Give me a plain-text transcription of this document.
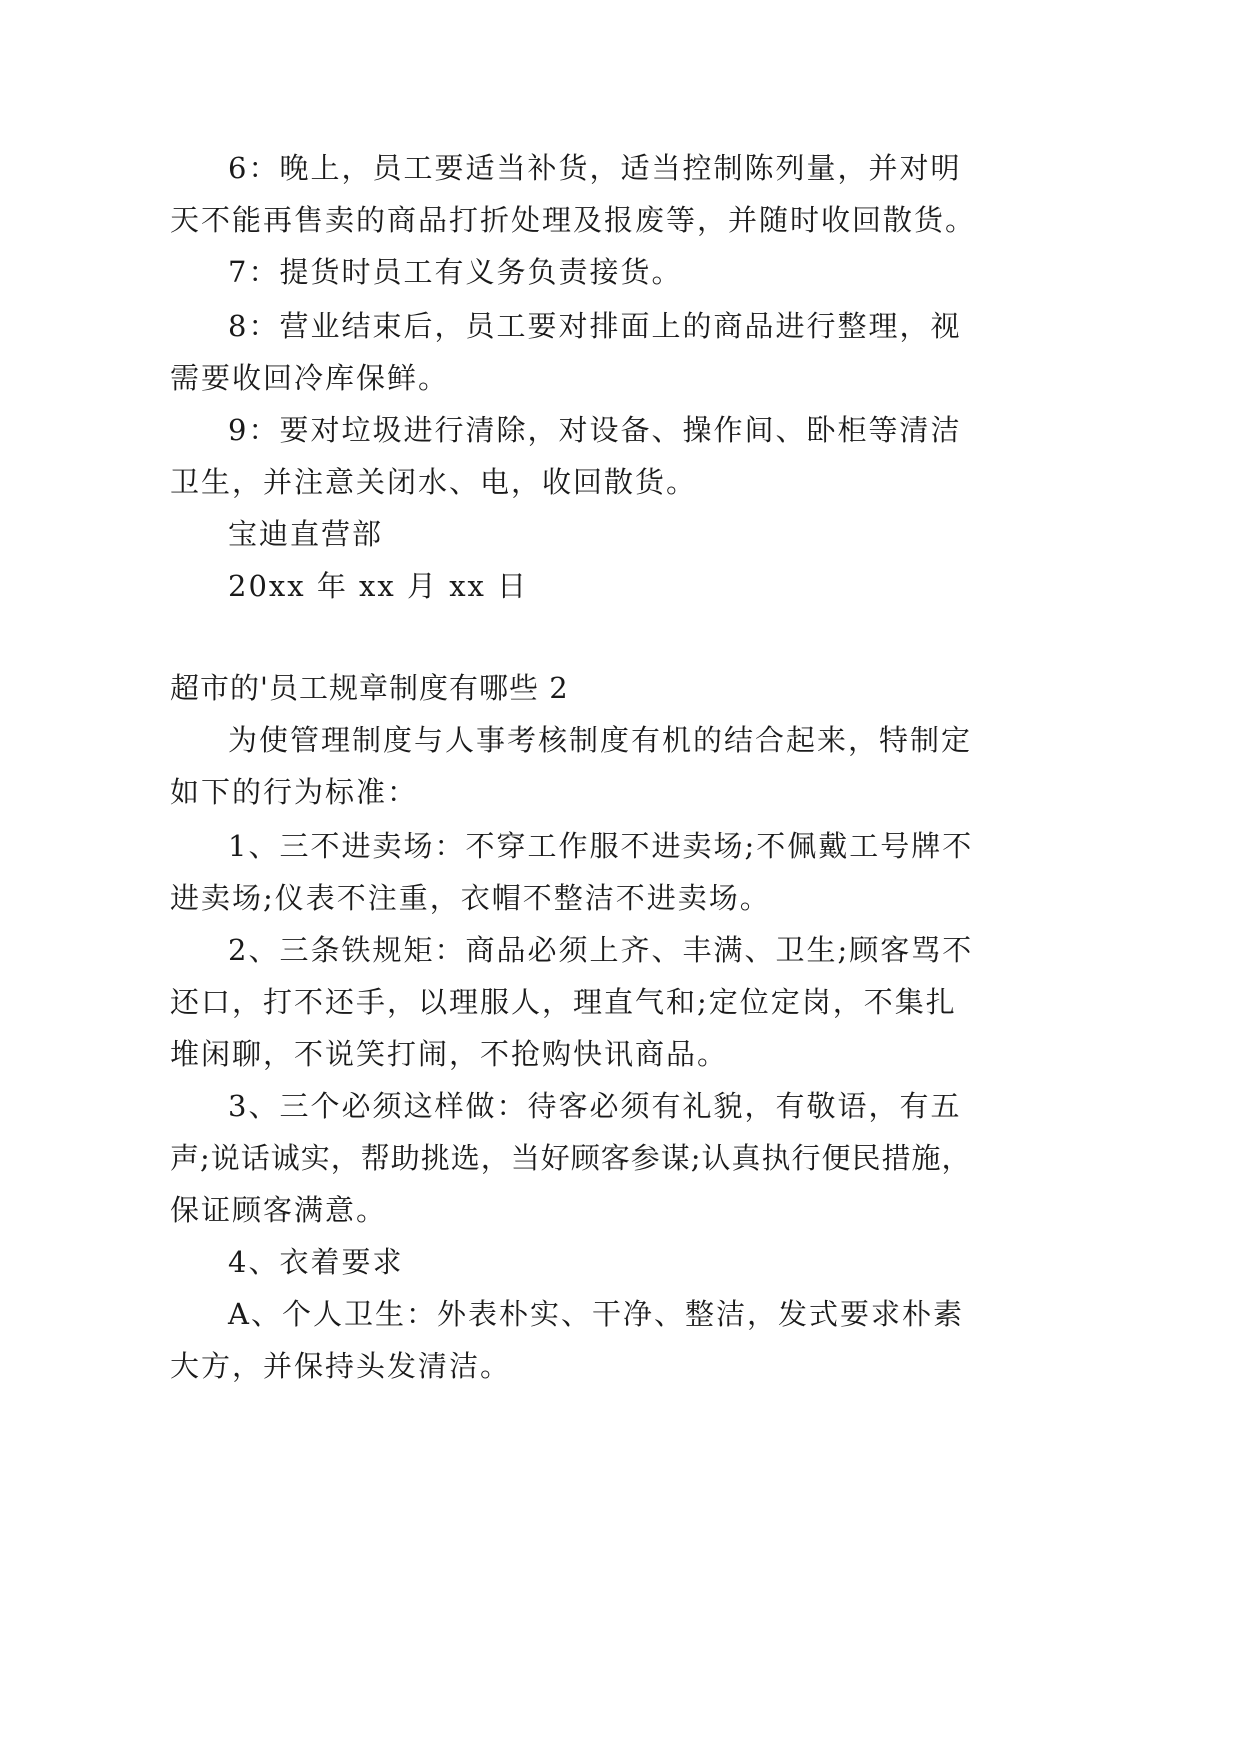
6：晚上，员工要适当补货，适当控制陈列量，并对明
天不能再售卖的商品打折处理及报废等，并随时收回散货。
7：提货时员工有义务负责接货。
8：营业结束后，员工要对排面上的商品进行整理，视
需要收回冷库保鲜。
9：要对垃圾进行清除，对设备、操作间、卧柜等清洁
卫生，并注意关闭水、电，收回散货。
宝迪直营部
20xx 年 xx 月 xx 日
超市的'员工规章制度有哪些 2
为使管理制度与人事考核制度有机的结合起来，特制定
如下的行为标准：
1、三不进卖场：不穿工作服不进卖场;不佩戴工号牌不
进卖场;仪表不注重，衣帽不整洁不进卖场。
2、三条铁规矩：商品必须上齐、丰满、卫生;顾客骂不
还口，打不还手，以理服人，理直气和;定位定岗，不集扎
堆闲聊，不说笑打闹，不抢购快讯商品。
3、三个必须这样做：待客必须有礼貌，有敬语，有五
声;说话诚实，帮助挑选，当好顾客参谋;认真执行便民措施，
保证顾客满意。
4、衣着要求
A、个人卫生：外表朴实、干净、整洁，发式要求朴素
大方，并保持头发清洁。
